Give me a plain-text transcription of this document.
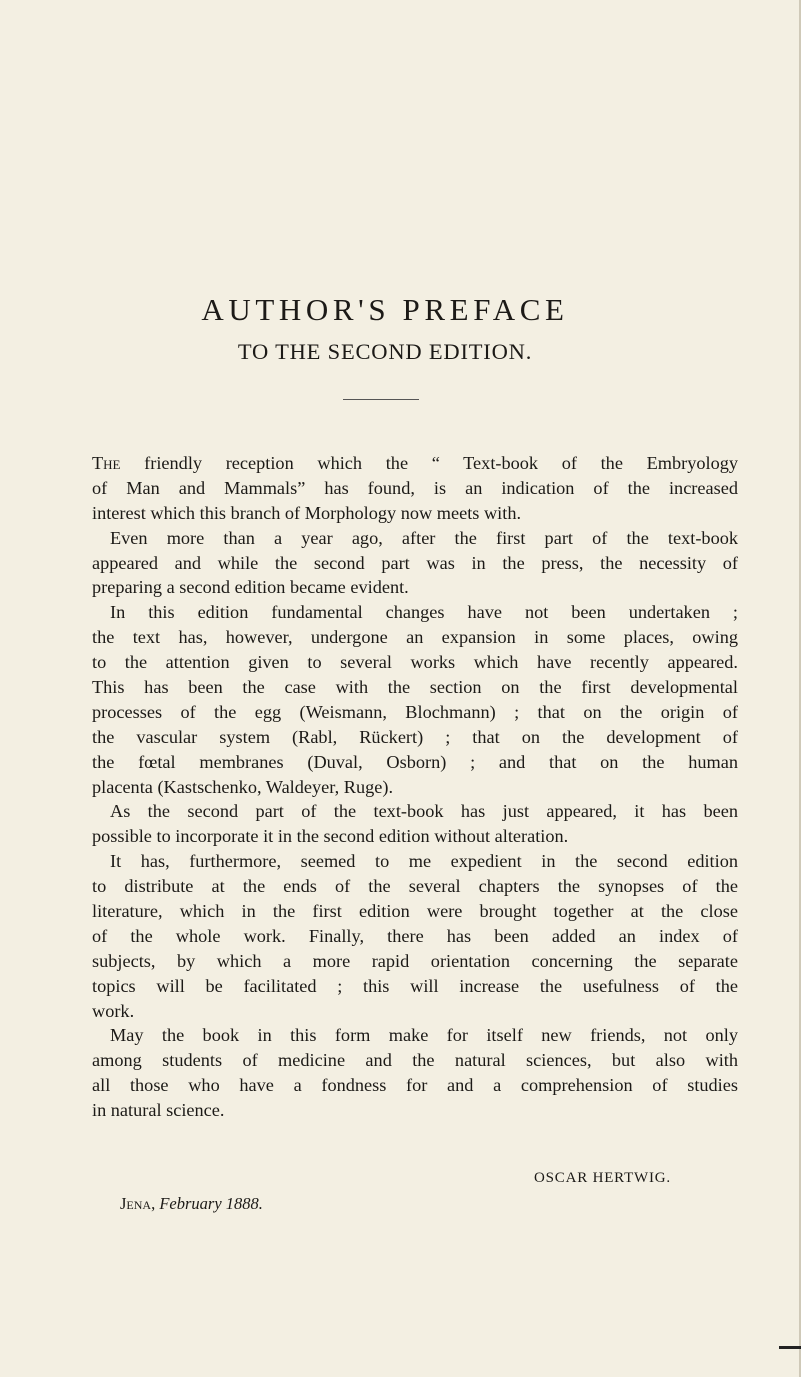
AUTHOR'S PREFACE
TO THE SECOND EDITION.
The friendly reception which the “ Text-book of the Embryology
of Man and Mammals” has found, is an indication of the increased
interest which this branch of Morphology now meets with.
Even more than a year ago, after the first part of the text-book
appeared and while the second part was in the press, the necessity of
preparing a second edition became evident.
In this edition fundamental changes have not been undertaken ;
the text has, however, undergone an expansion in some places, owing
to the attention given to several works which have recently appeared.
This has been the case with the section on the first developmental
processes of the egg (Weismann, Blochmann) ; that on the origin of
the vascular system (Rabl, Rückert) ; that on the development of
the fœtal membranes (Duval, Osborn) ; and that on the human
placenta (Kastschenko, Waldeyer, Ruge).
As the second part of the text-book has just appeared, it has been
possible to incorporate it in the second edition without alteration.
It has, furthermore, seemed to me expedient in the second edition
to distribute at the ends of the several chapters the synopses of the
literature, which in the first edition were brought together at the close
of the whole work. Finally, there has been added an index of
subjects, by which a more rapid orientation concerning the separate
topics will be facilitated ; this will increase the usefulness of the
work.
May the book in this form make for itself new friends, not only
among students of medicine and the natural sciences, but also with
all those who have a fondness for and a comprehension of studies
in natural science.
OSCAR HERTWIG.
Jena, February 1888.
